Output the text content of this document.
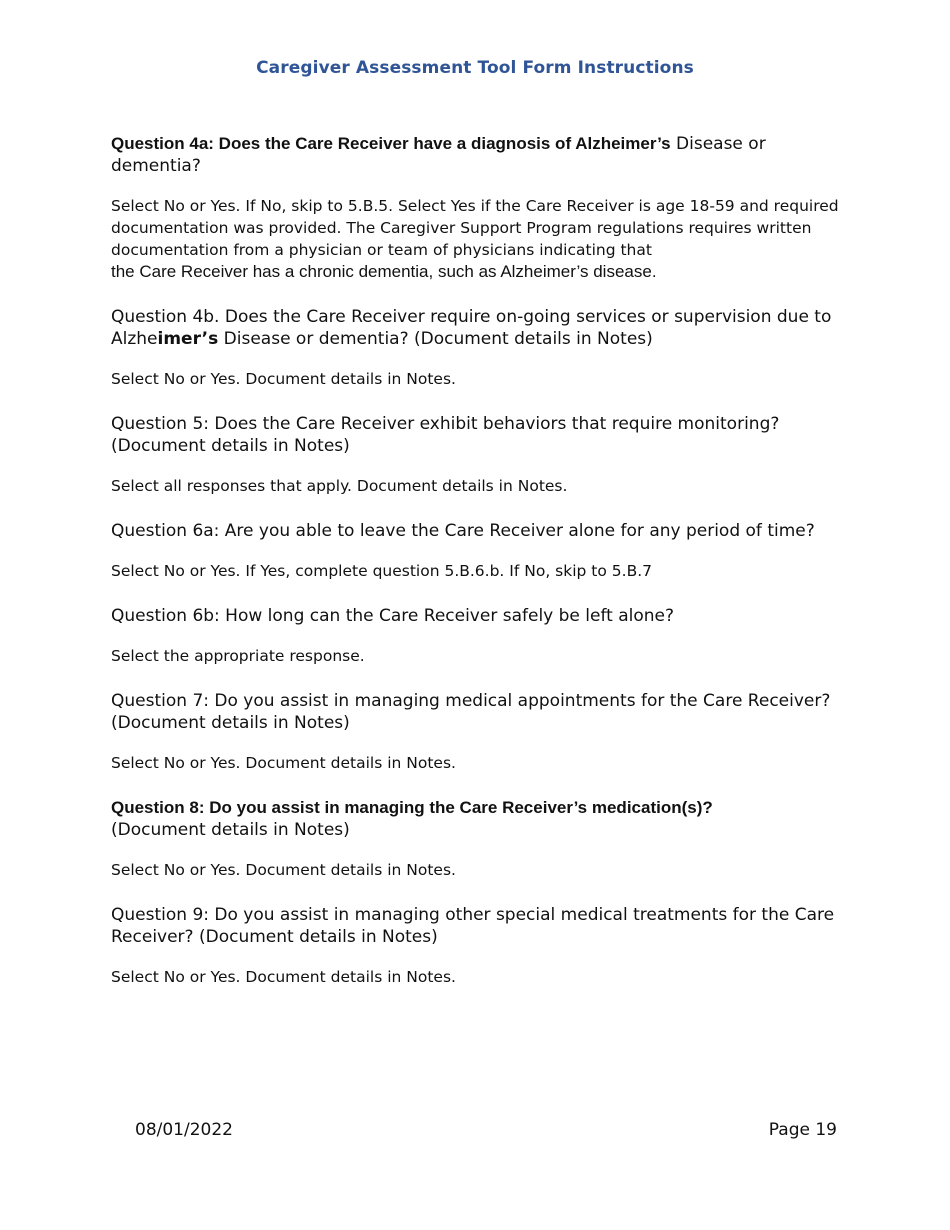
Caregiver Assessment Tool Form Instructions

Question 4a: Does the Care Receiver have a diagnosis of Alzheimer’s Disease or dementia?

Select No or Yes. If No, skip to 5.B.5. Select Yes if the Care Receiver is age 18-59 and required documentation was provided. The Caregiver Support Program regulations requires written documentation from a physician or team of physicians indicating that
the Care Receiver has a chronic dementia, such as Alzheimer’s disease.

Question 4b. Does the Care Receiver require on-going services or supervision due to Alzheimer’s Disease or dementia? (Document details in Notes)

Select No or Yes. Document details in Notes.

Question 5: Does the Care Receiver exhibit behaviors that require monitoring? (Document details in Notes)

Select all responses that apply. Document details in Notes.

Question 6a: Are you able to leave the Care Receiver alone for any period of time?

Select No or Yes. If Yes, complete question 5.B.6.b. If No, skip to 5.B.7

Question 6b: How long can the Care Receiver safely be left alone?

Select the appropriate response.

Question 7: Do you assist in managing medical appointments for the Care Receiver? (Document details in Notes)

Select No or Yes. Document details in Notes.

Question 8: Do you assist in managing the Care Receiver’s medication(s)?
(Document details in Notes)

Select No or Yes. Document details in Notes.

Question 9: Do you assist in managing other special medical treatments for the Care Receiver? (Document details in Notes)

Select No or Yes. Document details in Notes.

08/01/2022	Page 19
